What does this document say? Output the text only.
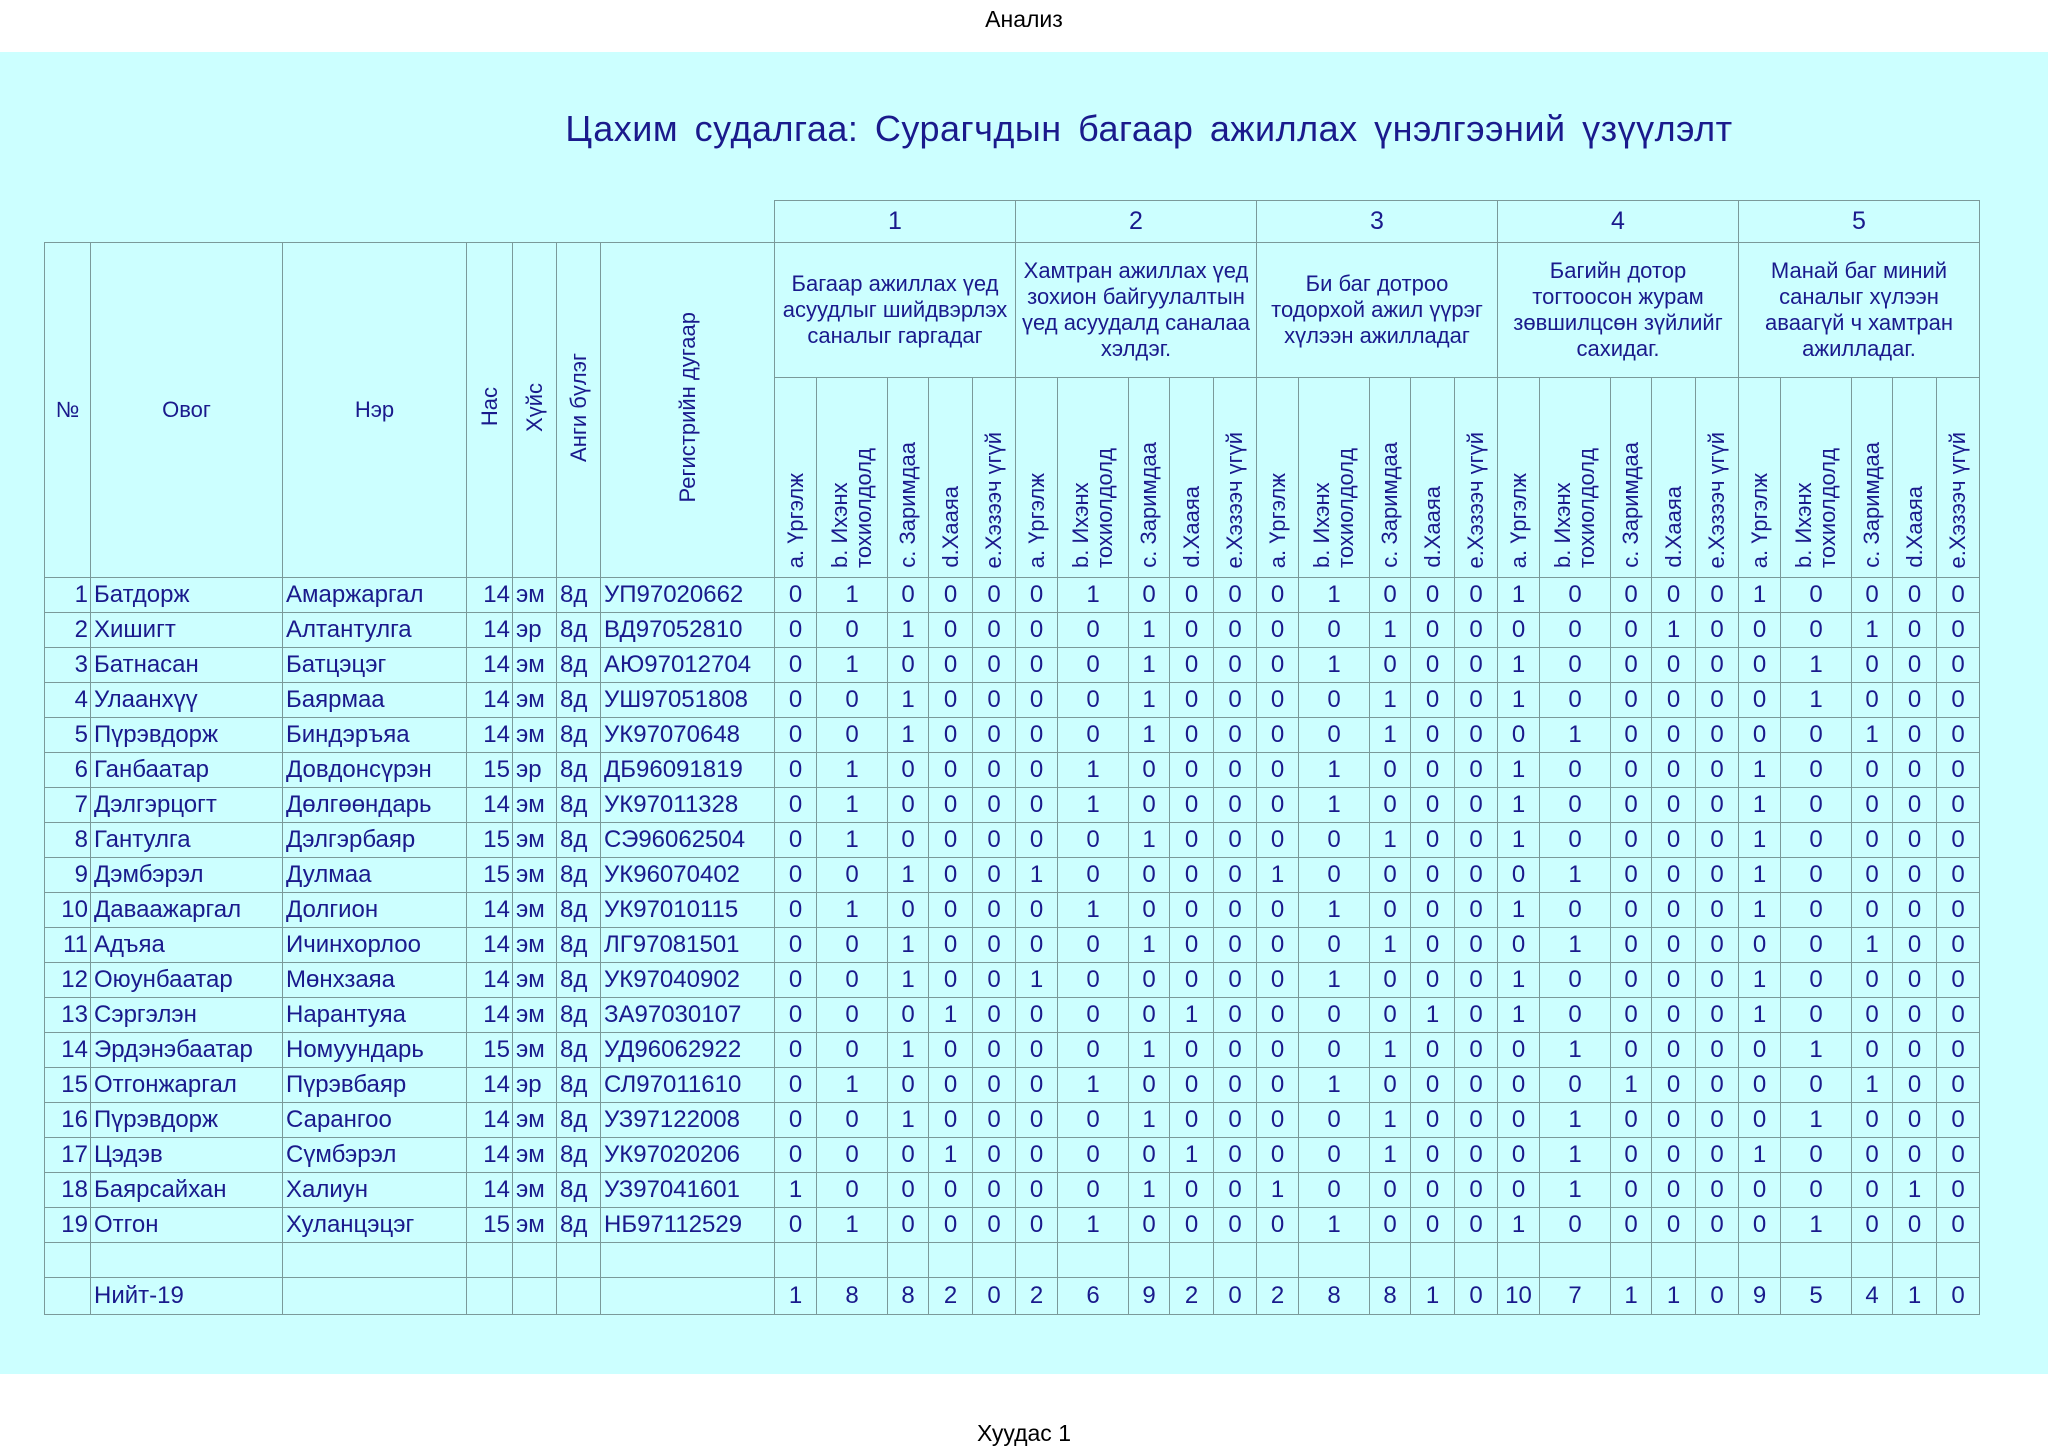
Анализ
Цахим судалгаа: Сурагчдын багаар ажиллах үнэлгээний үзүүлэлт
							1					2					3					4					5				
№	Овог	Нэр	Нас	Хүйс	Анги бүлэг	Регистрийн дугаар	Багаар ажиллах үед асуудлыг шийдвэрлэх саналыг гаргадаг					Хамтран ажиллах үед зохион байгуулалтын үед асуудалд саналаа хэлдэг.					Би баг дотроо тодорхой ажил үүрэг хүлээн ажилладаг					Багийн дотор тогтоосон журам зөвшилцсөн зүйлийг сахидаг.					Манай баг миний саналыг хүлээн аваагүй ч хамтран ажилладаг.				
							a. Үргэлж	b. Ихэнх тохиолдолд	c. Заримдаа	d.Хааяа	e.Хэзээч үгүй	a. Үргэлж	b. Ихэнх тохиолдолд	c. Заримдаа	d.Хааяа	e.Хэзээч үгүй	a. Үргэлж	b. Ихэнх тохиолдолд	c. Заримдаа	d.Хааяа	e.Хэзээч үгүй	a. Үргэлж	b. Ихэнх тохиолдолд	c. Заримдаа	d.Хааяа	e.Хэзээч үгүй	a. Үргэлж	b. Ихэнх тохиолдолд	c. Заримдаа	d.Хааяа	e.Хэзээч үгүй
1	Батдорж	Амаржаргал	14	эм	8д	УП97020662	0	1	0	0	0	0	1	0	0	0	0	1	0	0	0	1	0	0	0	0	1	0	0	0	0
2	Хишигт	Алтантулга	14	эр	8д	ВД97052810	0	0	1	0	0	0	0	1	0	0	0	0	1	0	0	0	0	0	1	0	0	0	1	0	0
3	Батнасан	Батцэцэг	14	эм	8д	АЮ97012704	0	1	0	0	0	0	0	1	0	0	0	1	0	0	0	1	0	0	0	0	0	1	0	0	0
4	Улаанхүү	Баярмаа	14	эм	8д	УШ97051808	0	0	1	0	0	0	0	1	0	0	0	0	1	0	0	1	0	0	0	0	0	1	0	0	0
5	Пүрэвдорж	Биндэръяа	14	эм	8д	УК97070648	0	0	1	0	0	0	0	1	0	0	0	0	1	0	0	0	1	0	0	0	0	0	1	0	0
6	Ганбаатар	Довдонсүрэн	15	эр	8д	ДБ96091819	0	1	0	0	0	0	1	0	0	0	0	1	0	0	0	1	0	0	0	0	1	0	0	0	0
7	Дэлгэрцогт	Дөлгөөндарь	14	эм	8д	УК97011328	0	1	0	0	0	0	1	0	0	0	0	1	0	0	0	1	0	0	0	0	1	0	0	0	0
8	Гантулга	Дэлгэрбаяр	15	эм	8д	СЭ96062504	0	1	0	0	0	0	0	1	0	0	0	0	1	0	0	1	0	0	0	0	1	0	0	0	0
9	Дэмбэрэл	Дулмаа	15	эм	8д	УК96070402	0	0	1	0	0	1	0	0	0	0	1	0	0	0	0	0	1	0	0	0	1	0	0	0	0
10	Даваажаргал	Долгион	14	эм	8д	УК97010115	0	1	0	0	0	0	1	0	0	0	0	1	0	0	0	1	0	0	0	0	1	0	0	0	0
11	Адъяа	Ичинхорлоо	14	эм	8д	ЛГ97081501	0	0	1	0	0	0	0	1	0	0	0	0	1	0	0	0	1	0	0	0	0	0	1	0	0
12	Оюунбаатар	Мөнхзаяа	14	эм	8д	УК97040902	0	0	1	0	0	1	0	0	0	0	0	1	0	0	0	1	0	0	0	0	1	0	0	0	0
13	Сэргэлэн	Нарантуяа	14	эм	8д	ЗА97030107	0	0	0	1	0	0	0	0	1	0	0	0	0	1	0	1	0	0	0	0	1	0	0	0	0
14	Эрдэнэбаатар	Номуундарь	15	эм	8д	УД96062922	0	0	1	0	0	0	0	1	0	0	0	0	1	0	0	0	1	0	0	0	0	1	0	0	0
15	Отгонжаргал	Пүрэвбаяр	14	эр	8д	СЛ97011610	0	1	0	0	0	0	1	0	0	0	0	1	0	0	0	0	0	1	0	0	0	0	1	0	0
16	Пүрэвдорж	Сарангоо	14	эм	8д	УЗ97122008	0	0	1	0	0	0	0	1	0	0	0	0	1	0	0	0	1	0	0	0	0	1	0	0	0
17	Цэдэв	Сүмбэрэл	14	эм	8д	УК97020206	0	0	0	1	0	0	0	0	1	0	0	0	1	0	0	0	1	0	0	0	1	0	0	0	0
18	Баярсайхан	Халиун	14	эм	8д	УЗ97041601	1	0	0	0	0	0	0	1	0	0	1	0	0	0	0	0	1	0	0	0	0	0	0	1	0
19	Отгон	Хуланцэцэг	15	эм	8д	НБ97112529	0	1	0	0	0	0	1	0	0	0	0	1	0	0	0	1	0	0	0	0	0	1	0	0	0

	Нийт-19						1	8	8	2	0	2	6	9	2	0	2	8	8	1	0	10	7	1	1	0	9	5	4	1	0
Хуудас 1
